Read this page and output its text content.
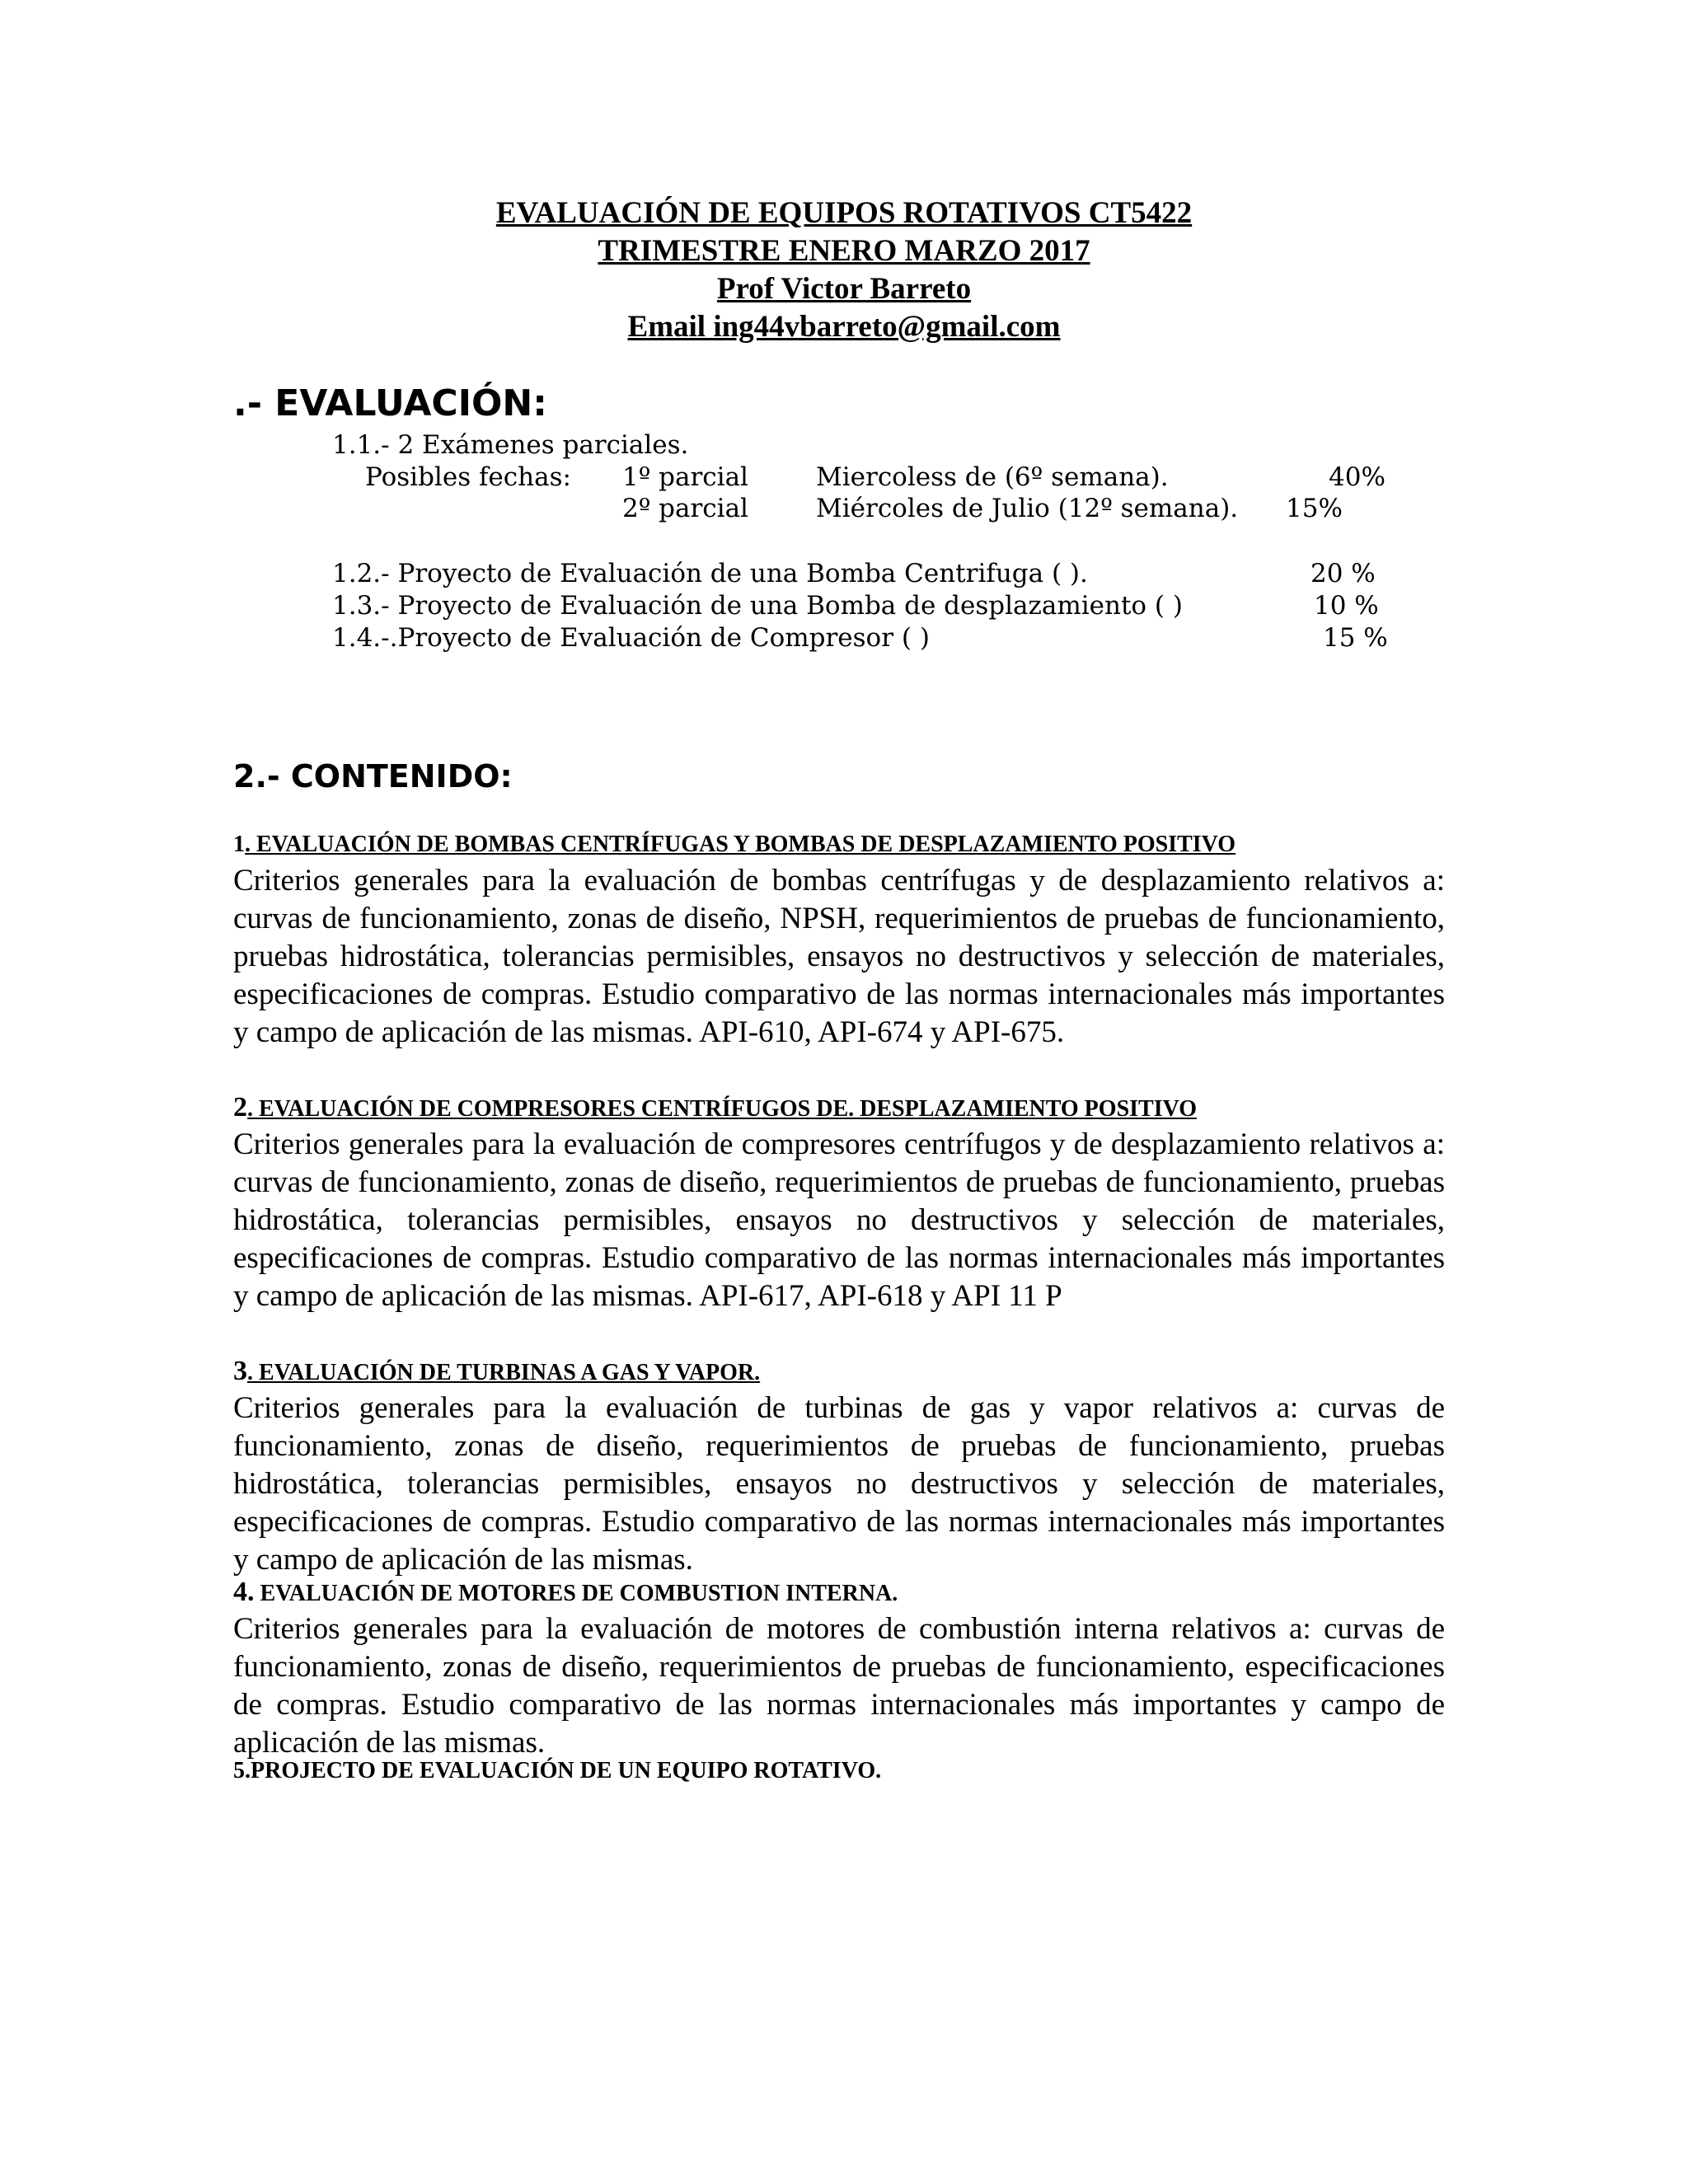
EVALUACIÓN DE EQUIPOS ROTATIVOS CT5422
TRIMESTRE ENERO MARZO 2017
Prof Victor Barreto
Email ing44vbarreto@gmail.com
.- EVALUACIÓN:
1.1.- 2 Exámenes parciales.
Posibles fechas: 1º parcial	Miercoless de (6º semana).	40%
2º parcial	Miércoles de Julio (12º semana). 15%
1.2.- Proyecto de Evaluación de una Bomba Centrifuga ( ).	20 %
1.3.- Proyecto de Evaluación de una Bomba de desplazamiento ( )	10 %
1.4.-.Proyecto de Evaluación de Compresor ( )	15 %
2.- CONTENIDO:
1. EVALUACIÓN DE BOMBAS CENTRÍFUGAS Y BOMBAS DE DESPLAZAMIENTO POSITIVO
Criterios generales para la evaluación de bombas centrífugas y de desplazamiento relativos a: curvas de funcionamiento, zonas de diseño, NPSH, requerimientos de pruebas de funcionamiento, pruebas hidrostática, tolerancias permisibles, ensayos no destructivos y selección de materiales, especificaciones de compras. Estudio comparativo de las normas internacionales más importantes y campo de aplicación de las mismas. API-610, API-674 y API-675.
2. EVALUACIÓN DE COMPRESORES CENTRÍFUGOS DE. DESPLAZAMIENTO POSITIVO
Criterios generales para la evaluación de compresores centrífugos y de desplazamiento relativos a: curvas de funcionamiento, zonas de diseño, requerimientos de pruebas de funcionamiento, pruebas hidrostática, tolerancias permisibles, ensayos no destructivos y selección de materiales, especificaciones de compras. Estudio comparativo de las normas internacionales más importantes y campo de aplicación de las mismas. API-617, API-618 y API 11 P
3. EVALUACIÓN DE TURBINAS A GAS Y VAPOR.
Criterios generales para la evaluación de turbinas de gas y vapor relativos a: curvas de funcionamiento, zonas de diseño, requerimientos de pruebas de funcionamiento, pruebas hidrostática, tolerancias permisibles, ensayos no destructivos y selección de materiales, especificaciones de compras. Estudio comparativo de las normas internacionales más importantes y campo de aplicación de las mismas.
4. EVALUACIÓN DE MOTORES DE COMBUSTION INTERNA.
Criterios generales para la evaluación de motores de combustión interna relativos a: curvas de funcionamiento, zonas de diseño, requerimientos de pruebas de funcionamiento, especificaciones de compras. Estudio comparativo de las normas internacionales más importantes y campo de aplicación de las mismas.
5.PROJECTO DE EVALUACIÓN DE UN EQUIPO ROTATIVO.
